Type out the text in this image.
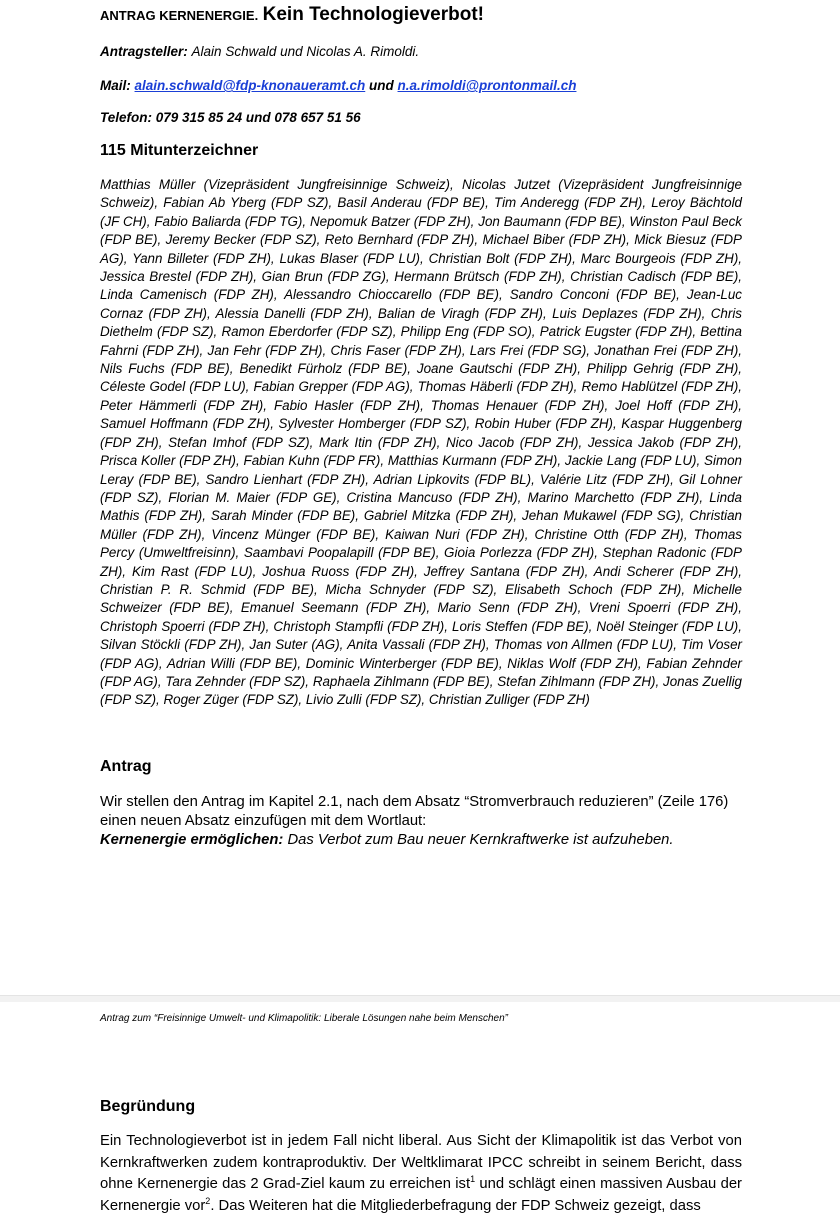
ANTRAG KERNENERGIE. Kein Technologieverbot!
Antragsteller: Alain Schwald und Nicolas A. Rimoldi.
Mail: alain.schwald@fdp-knonaueramt.ch und n.a.rimoldi@prontonmail.ch
Telefon: 079 315 85 24 und 078 657 51 56
115 Mitunterzeichner
Matthias Müller (Vizepräsident Jungfreisinnige Schweiz), Nicolas Jutzet (Vizepräsident Jungfreisinnige Schweiz), Fabian Ab Yberg (FDP SZ), Basil Anderau (FDP BE), Tim Anderegg (FDP ZH), Leroy Bächtold (JF CH), Fabio Baliarda (FDP TG), Nepomuk Batzer (FDP ZH), Jon Baumann (FDP BE), Winston Paul Beck (FDP BE), Jeremy Becker (FDP SZ), Reto Bernhard (FDP ZH), Michael Biber (FDP ZH), Mick Biesuz (FDP AG), Yann Billeter (FDP ZH), Lukas Blaser (FDP LU), Christian Bolt (FDP ZH), Marc Bourgeois (FDP ZH), Jessica Brestel (FDP ZH), Gian Brun (FDP ZG), Hermann Brütsch (FDP ZH), Christian Cadisch (FDP BE), Linda Camenisch (FDP ZH), Alessandro Chioccarello (FDP BE), Sandro Conconi (FDP BE), Jean-Luc Cornaz (FDP ZH), Alessia Danelli (FDP ZH), Balian de Viragh (FDP ZH), Luis Deplazes (FDP ZH), Chris Diethelm (FDP SZ), Ramon Eberdorfer (FDP SZ), Philipp Eng (FDP SO), Patrick Eugster (FDP ZH), Bettina Fahrni (FDP ZH), Jan Fehr (FDP ZH), Chris Faser (FDP ZH), Lars Frei (FDP SG), Jonathan Frei (FDP ZH), Nils Fuchs (FDP BE), Benedikt Fürholz (FDP BE), Joane Gautschi (FDP ZH), Philipp Gehrig (FDP ZH), Céleste Godel (FDP LU), Fabian Grepper (FDP AG), Thomas Häberli (FDP ZH), Remo Hablützel (FDP ZH), Peter Hämmerli (FDP ZH), Fabio Hasler (FDP ZH), Thomas Henauer (FDP ZH), Joel Hoff (FDP ZH), Samuel Hoffmann (FDP ZH), Sylvester Homberger (FDP SZ), Robin Huber (FDP ZH), Kaspar Huggenberg (FDP ZH), Stefan Imhof (FDP SZ), Mark Itin (FDP ZH), Nico Jacob (FDP ZH), Jessica Jakob (FDP ZH), Prisca Koller (FDP ZH), Fabian Kuhn (FDP FR), Matthias Kurmann (FDP ZH), Jackie Lang (FDP LU), Simon Leray (FDP BE), Sandro Lienhart (FDP ZH), Adrian Lipkovits (FDP BL), Valérie Litz (FDP ZH), Gil Lohner (FDP SZ), Florian M. Maier (FDP GE), Cristina Mancuso (FDP ZH), Marino Marchetto (FDP ZH), Linda Mathis (FDP ZH), Sarah Minder (FDP BE), Gabriel Mitzka (FDP ZH), Jehan Mukawel (FDP SG), Christian Müller (FDP ZH), Vincenz Münger (FDP BE), Kaiwan Nuri (FDP ZH), Christine Otth (FDP ZH), Thomas Percy (Umweltfreisinn), Saambavi Poopalapill (FDP BE), Gioia Porlezza (FDP ZH), Stephan Radonic (FDP ZH), Kim Rast (FDP LU), Joshua Ruoss (FDP ZH), Jeffrey Santana (FDP ZH), Andi Scherer (FDP ZH), Christian P. R. Schmid (FDP BE), Micha Schnyder (FDP SZ), Elisabeth Schoch (FDP ZH), Michelle Schweizer (FDP BE), Emanuel Seemann (FDP ZH), Mario Senn (FDP ZH), Vreni Spoerri (FDP ZH), Christoph Spoerri (FDP ZH), Christoph Stampfli (FDP ZH), Loris Steffen (FDP BE), Noël Steinger (FDP LU), Silvan Stöckli (FDP ZH), Jan Suter (AG), Anita Vassali (FDP ZH), Thomas von Allmen (FDP LU), Tim Voser (FDP AG), Adrian Willi (FDP BE), Dominic Winterberger (FDP BE), Niklas Wolf (FDP ZH), Fabian Zehnder (FDP AG), Tara Zehnder (FDP SZ), Raphaela Zihlmann (FDP BE), Stefan Zihlmann (FDP ZH), Jonas Zuellig (FDP SZ), Roger Züger (FDP SZ), Livio Zulli (FDP SZ), Christian Zulliger (FDP ZH)
Antrag
Wir stellen den Antrag im Kapitel 2.1, nach dem Absatz “Stromverbrauch reduzieren” (Zeile 176) einen neuen Absatz einzufügen mit dem Wortlaut:
Kernenergie ermöglichen: Das Verbot zum Bau neuer Kernkraftwerke ist aufzuheben.
Antrag zum “Freisinnige Umwelt- und Klimapolitik: Liberale Lösungen nahe beim Menschen”
Begründung
Ein Technologieverbot ist in jedem Fall nicht liberal. Aus Sicht der Klimapolitik ist das Verbot von Kernkraftwerken zudem kontraproduktiv. Der Weltklimarat IPCC schreibt in seinem Bericht, dass ohne Kernenergie das 2 Grad-Ziel kaum zu erreichen ist$^1$ und schlägt einen massiven Ausbau der Kernenergie vor$^2$. Das Weiteren hat die Mitgliederbefragung der FDP Schweiz gezeigt, dass
